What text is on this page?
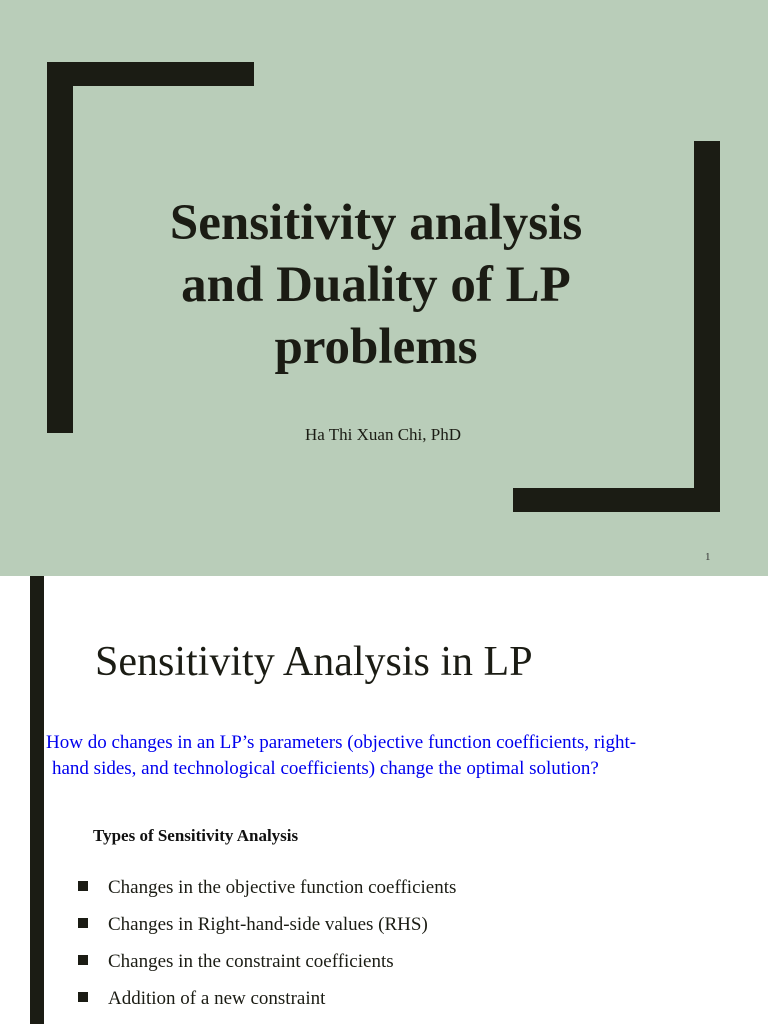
Sensitivity analysis
and Duality of LP
problems
Ha Thi Xuan Chi, PhD
1
Sensitivity Analysis in LP
How do changes in an LP’s parameters (objective function coefficients, right-
hand sides, and technological coefficients) change the optimal solution?
Types of Sensitivity Analysis
Changes in the objective function coefficients
Changes in Right-hand-side values (RHS)
Changes in the constraint coefficients
Addition of a new constraint
